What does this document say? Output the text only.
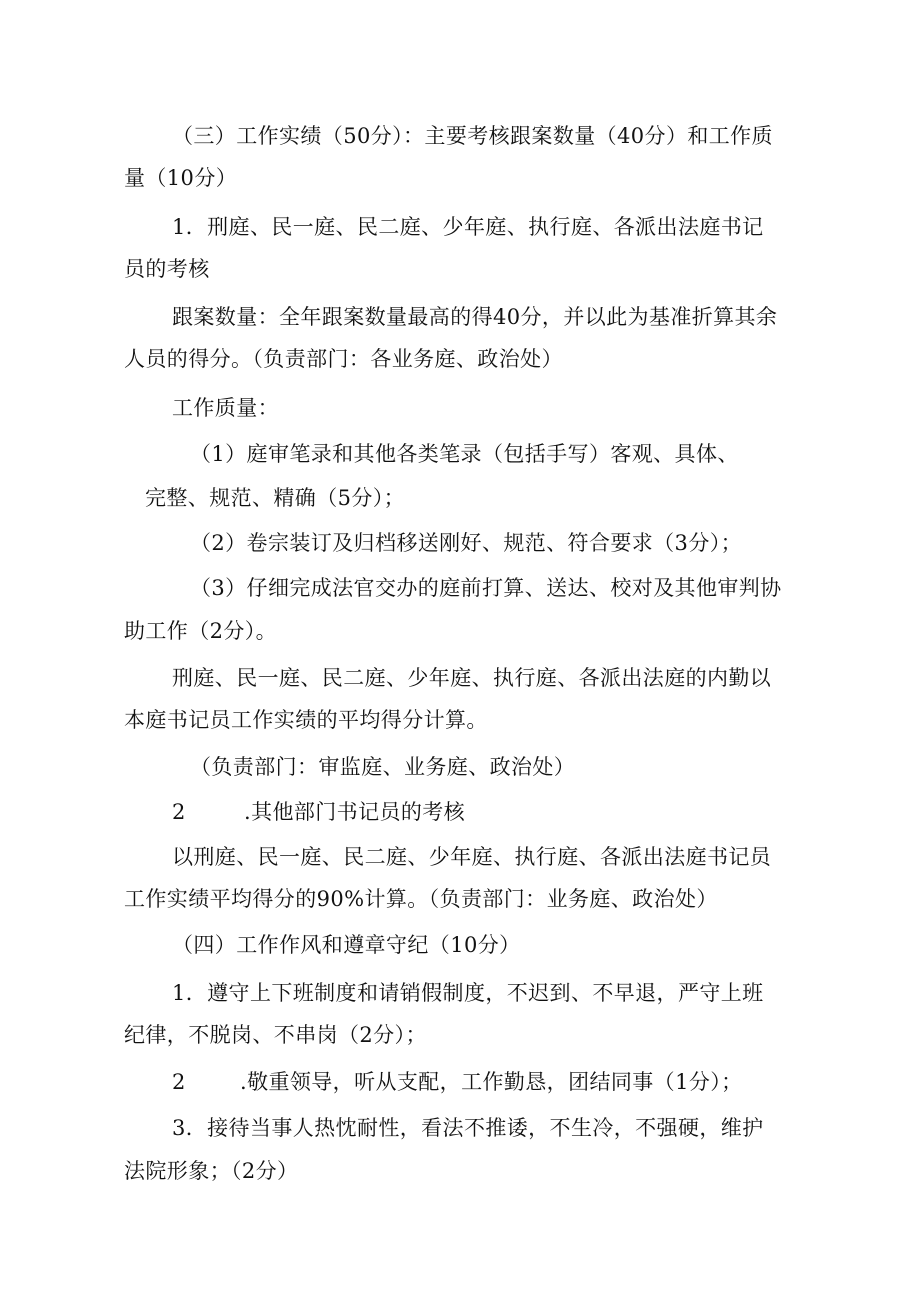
（三）工作实绩（50分）：主要考核跟案数量（40分）和工作质
量（10分）
1．刑庭、民一庭、民二庭、少年庭、执行庭、各派出法庭书记
员的考核
跟案数量：全年跟案数量最高的得40分，并以此为基准折算其余
人员的得分。（负责部门：各业务庭、政治处）
工作质量：
（1）庭审笔录和其他各类笔录（包括手写）客观、具体、
完整、规范、精确（5分）；
（2）卷宗装订及归档移送刚好、规范、符合要求（3分）；
（3）仔细完成法官交办的庭前打算、送达、校对及其他审判协
助工作（2分）。
刑庭、民一庭、民二庭、少年庭、执行庭、各派出法庭的内勤以
本庭书记员工作实绩的平均得分计算。
（负责部门：审监庭、业务庭、政治处）
2	.其他部门书记员的考核
以刑庭、民一庭、民二庭、少年庭、执行庭、各派出法庭书记员
工作实绩平均得分的90%计算。（负责部门：业务庭、政治处）
（四）工作作风和遵章守纪（10分）
1．遵守上下班制度和请销假制度，不迟到、不早退，严守上班
纪律，不脱岗、不串岗（2分）；
2	.敬重领导，听从支配，工作勤恳，团结同事（1分）；
3．接待当事人热忱耐性，看法不推诿，不生冷，不强硬，维护
法院形象；（2分）
